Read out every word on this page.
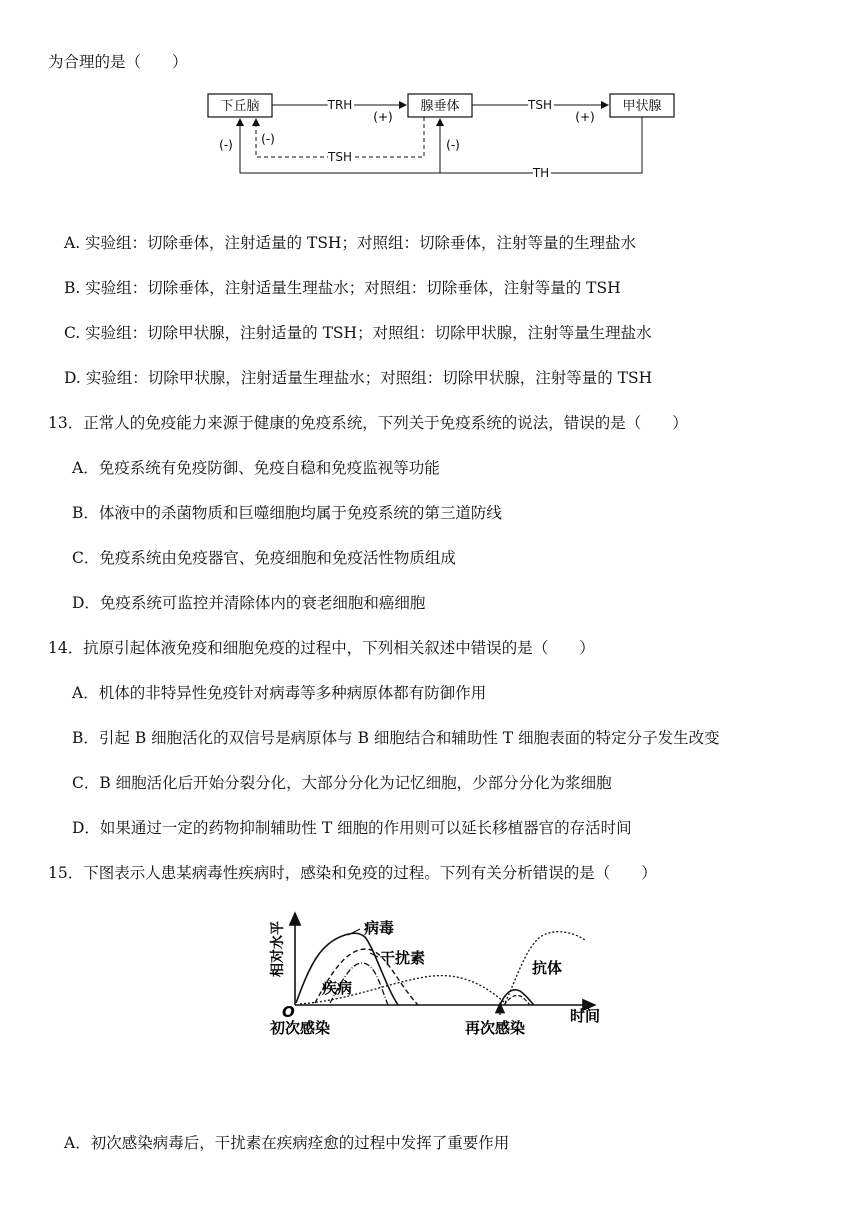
为合理的是（　　）
下丘脑	腺垂体	甲状腺
TRH	TSH
(+)	(+)
TH
(-)	(-)
TSH
(-)
A. 实验组：切除垂体，注射适量的 TSH；对照组：切除垂体，注射等量的生理盐水
B. 实验组：切除垂体，注射适量生理盐水；对照组：切除垂体，注射等量的 TSH
C. 实验组：切除甲状腺，注射适量的 TSH；对照组：切除甲状腺，注射等量生理盐水
D. 实验组：切除甲状腺，注射适量生理盐水；对照组：切除甲状腺，注射等量的 TSH
13．正常人的免疫能力来源于健康的免疫系统，下列关于免疫系统的说法，错误的是（　　）
A．免疫系统有免疫防御、免疫自稳和免疫监视等功能
B．体液中的杀菌物质和巨噬细胞均属于免疫系统的第三道防线
C．免疫系统由免疫器官、免疫细胞和免疫活性物质组成
D．免疫系统可监控并清除体内的衰老细胞和癌细胞
14．抗原引起体液免疫和细胞免疫的过程中，下列相关叙述中错误的是（　　）
A．机体的非特异性免疫针对病毒等多种病原体都有防御作用
B．引起 B 细胞活化的双信号是病原体与 B 细胞结合和辅助性 T 细胞表面的特定分子发生改变
C．B 细胞活化后开始分裂分化，大部分分化为记忆细胞，少部分分化为浆细胞
D．如果通过一定的药物抑制辅助性 T 细胞的作用则可以延长移植器官的存活时间
15．下图表示人患某病毒性疾病时，感染和免疫的过程。下列有关分析错误的是（　　）
相对水平	病毒
干扰素
疾病
抗体
O
初次感染	再次感染
时间
A．初次感染病毒后，干扰素在疾病痊愈的过程中发挥了重要作用
